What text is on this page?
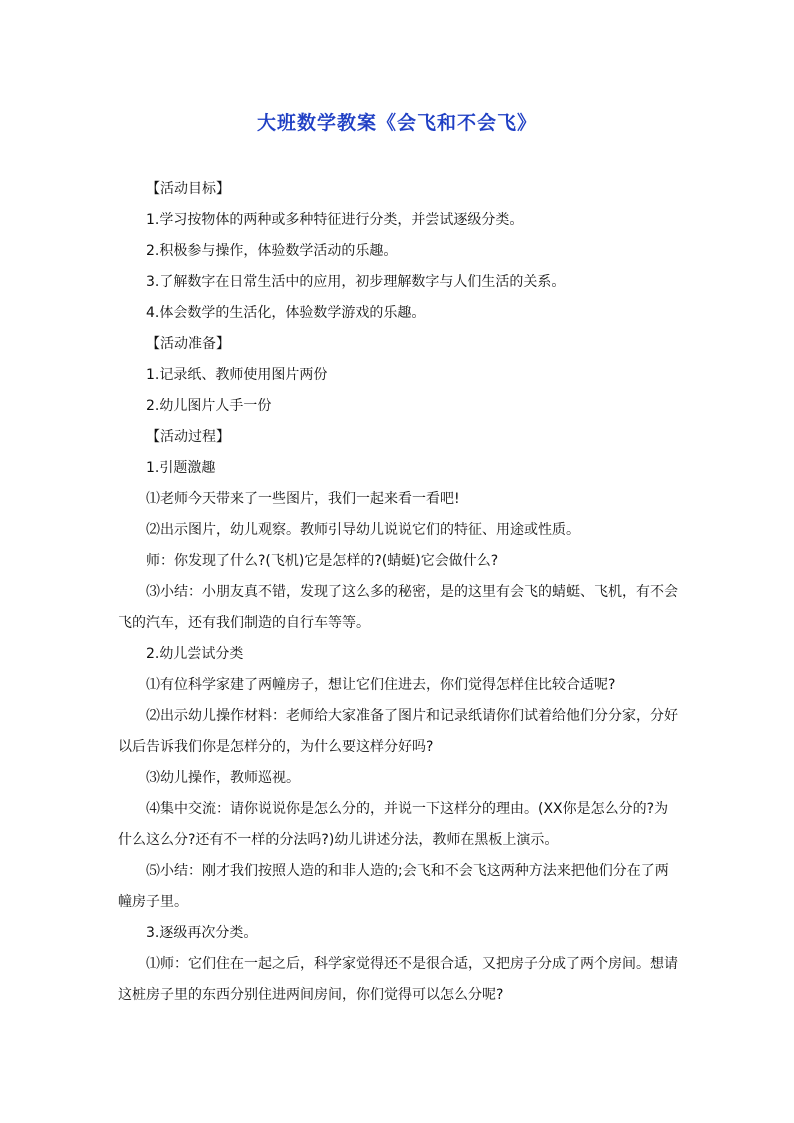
大班数学教案《会飞和不会飞》

【活动目标】

1.学习按物体的两种或多种特征进行分类，并尝试逐级分类。

2.积极参与操作，体验数学活动的乐趣。

3.了解数字在日常生活中的应用，初步理解数字与人们生活的关系。

4.体会数学的生活化，体验数学游戏的乐趣。

【活动准备】

1.记录纸、教师使用图片两份

2.幼儿图片人手一份

【活动过程】

1.引题激趣

⑴老师今天带来了一些图片，我们一起来看一看吧!

⑵出示图片，幼儿观察。教师引导幼儿说说它们的特征、用途或性质。

师：你发现了什么?(飞机)它是怎样的?(蜻蜓)它会做什么?

⑶小结：小朋友真不错，发现了这么多的秘密，是的这里有会飞的蜻蜓、飞机，有不会飞的汽车，还有我们制造的自行车等等。

2.幼儿尝试分类

⑴有位科学家建了两幢房子，想让它们住进去，你们觉得怎样住比较合适呢?

⑵出示幼儿操作材料：老师给大家准备了图片和记录纸请你们试着给他们分分家，分好以后告诉我们你是怎样分的，为什么要这样分好吗?

⑶幼儿操作，教师巡视。

⑷集中交流：请你说说你是怎么分的，并说一下这样分的理由。(XX你是怎么分的?为什么这么分?还有不一样的分法吗?)幼儿讲述分法，教师在黑板上演示。

⑸小结：刚才我们按照人造的和非人造的;会飞和不会飞这两种方法来把他们分在了两幢房子里。

3.逐级再次分类。

⑴师：它们住在一起之后，科学家觉得还不是很合适，又把房子分成了两个房间。想请这桩房子里的东西分别住进两间房间，你们觉得可以怎么分呢?
